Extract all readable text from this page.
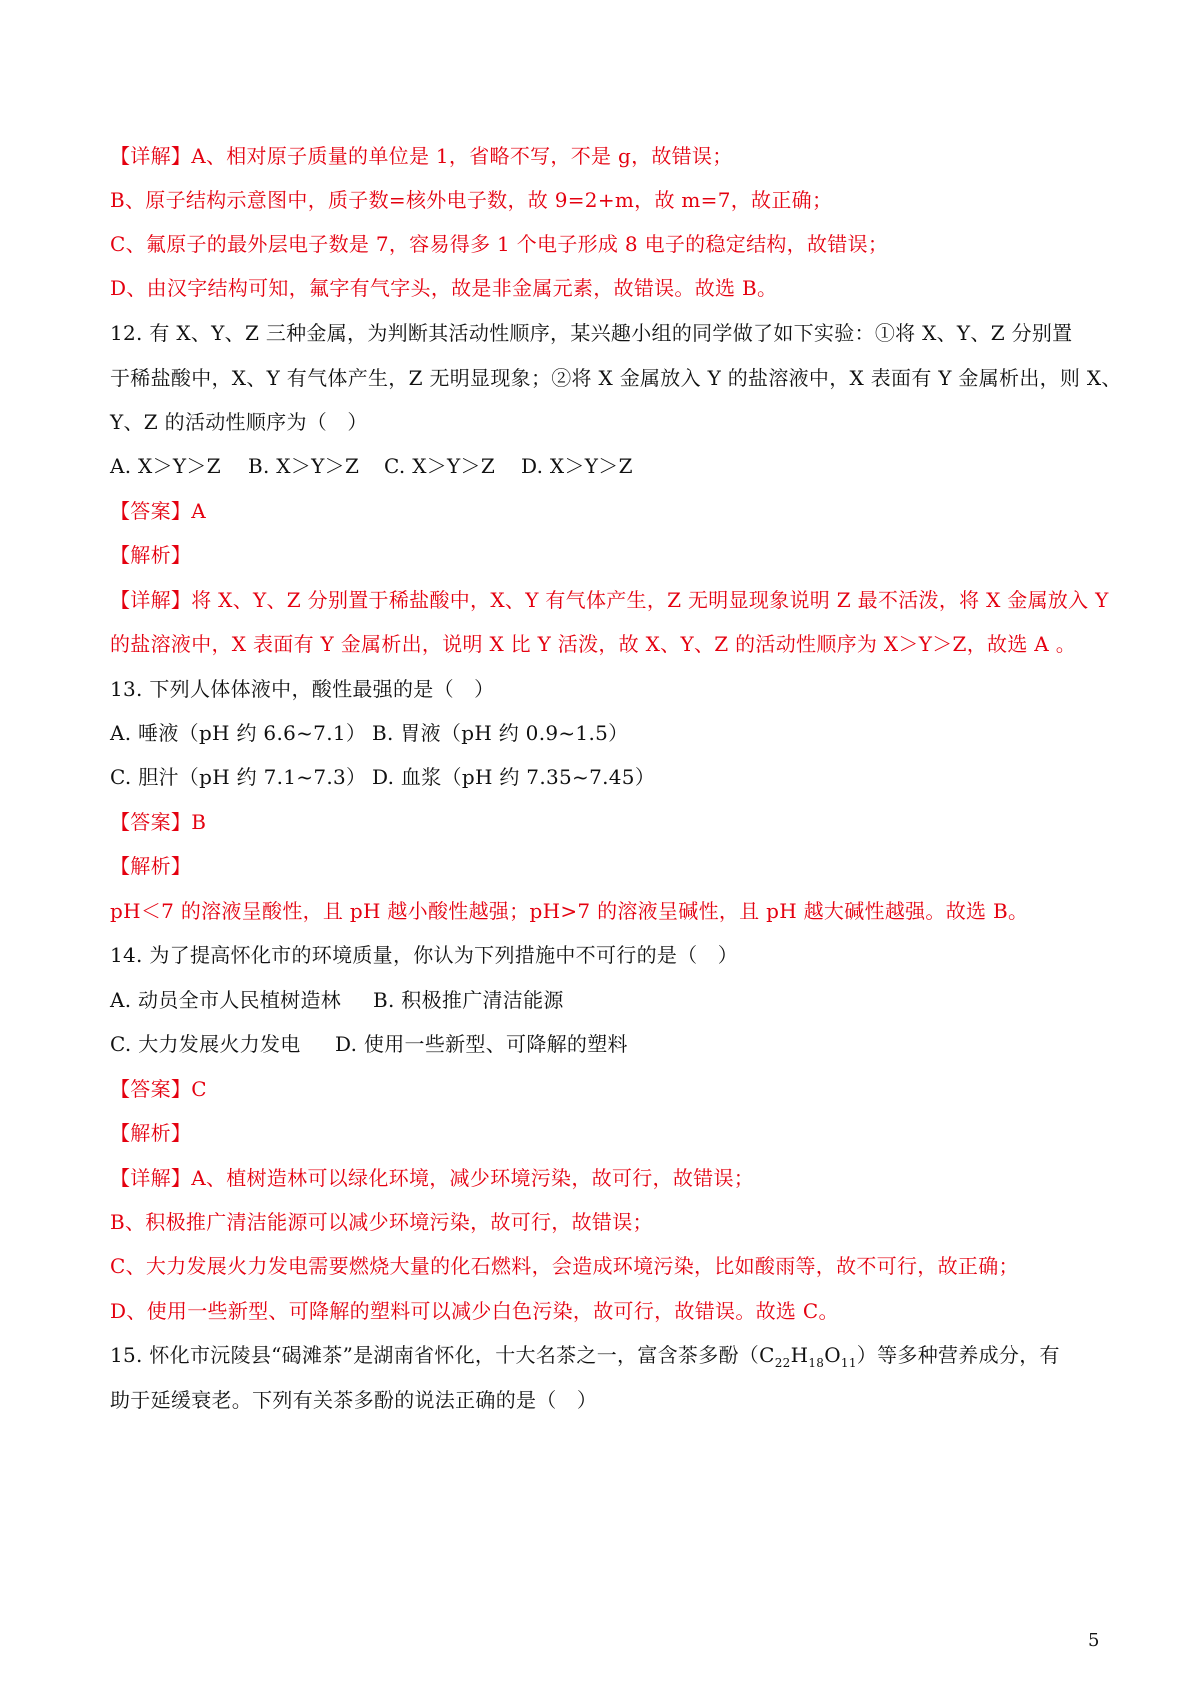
【详解】A、相对原子质量的单位是 1，省略不写，不是 g，故错误；
B、原子结构示意图中，质子数=核外电子数，故 9=2+m，故 m=7，故正确；
C、氟原子的最外层电子数是 7，容易得多 1 个电子形成 8 电子的稳定结构，故错误；
D、由汉字结构可知，氟字有气字头，故是非金属元素，故错误。故选 B。
12. 有 X、Y、Z 三种金属，为判断其活动性顺序，某兴趣小组的同学做了如下实验：①将 X、Y、Z 分别置
于稀盐酸中，X、Y 有气体产生，Z 无明显现象；②将 X 金属放入 Y 的盐溶液中，X 表面有 Y 金属析出，则 X、
Y、Z 的活动性顺序为（　）
A. X＞Y＞Z B. X＞Y＞Z C. X＞Y＞Z D. X＞Y＞Z
【答案】A
【解析】
【详解】将 X、Y、Z 分别置于稀盐酸中，X、Y 有气体产生，Z 无明显现象说明 Z 最不活泼，将 X 金属放入 Y
的盐溶液中，X 表面有 Y 金属析出，说明 X 比 Y 活泼，故 X、Y、Z 的活动性顺序为 X＞Y＞Z，故选 A 。
13. 下列人体体液中，酸性最强的是（　）
A. 唾液（pH 约 6.6~7.1） B. 胃液（pH 约 0.9~1.5）
C. 胆汁（pH 约 7.1~7.3） D. 血浆（pH 约 7.35~7.45）
【答案】B
【解析】
pH＜7 的溶液呈酸性，且 pH 越小酸性越强；pH>7 的溶液呈碱性，且 pH 越大碱性越强。故选 B。
14. 为了提高怀化市的环境质量，你认为下列措施中不可行的是（　）
A. 动员全市人民植树造林 B. 积极推广清洁能源
C. 大力发展火力发电 D. 使用一些新型、可降解的塑料
【答案】C
【解析】
【详解】A、植树造林可以绿化环境，减少环境污染，故可行，故错误；
B、积极推广清洁能源可以减少环境污染，故可行，故错误；
C、大力发展火力发电需要燃烧大量的化石燃料，会造成环境污染，比如酸雨等，故不可行，故正确；
D、使用一些新型、可降解的塑料可以减少白色污染，故可行，故错误。故选 C。
15. 怀化市沅陵县“碣滩茶”是湖南省怀化，十大名茶之一，富含茶多酚$(C_{22}H_{18}O_{11})$等多种营养成分，有
助于延缓衰老。下列有关茶多酚的说法正确的是（　）
5
